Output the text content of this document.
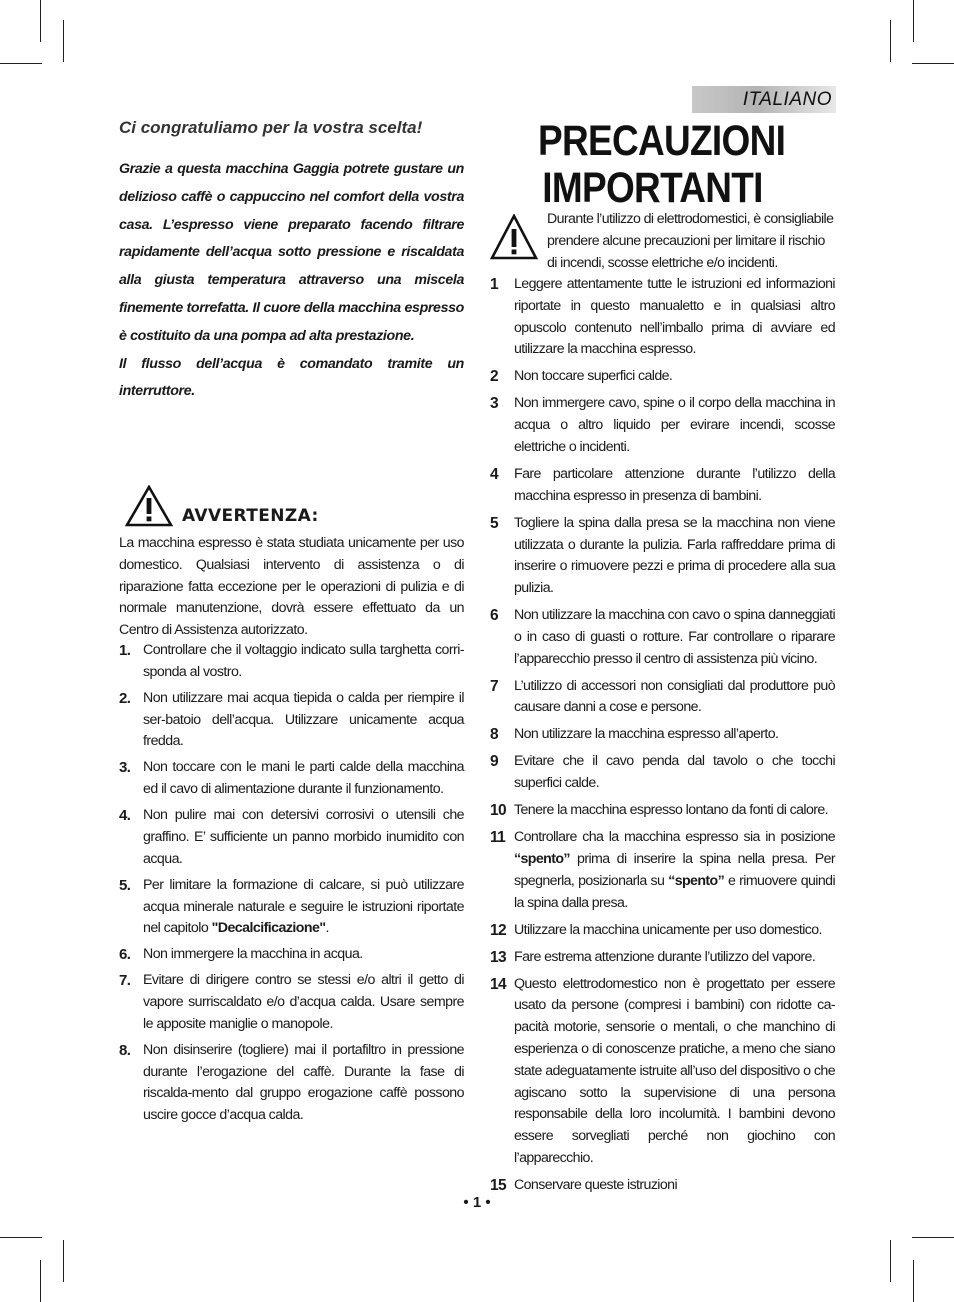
ITALIANO
Ci congratuliamo per la vostra scelta!

Grazie a questa macchina Gaggia potrete gustare un delizioso caffè o cappuccino nel comfort della vostra casa. L’espresso viene preparato facendo filtrare rapidamente dell’acqua sotto pressione e riscaldata alla giusta temperatura attraverso una miscela finemente torrefatta. Il cuore della macchina espresso è costituito da una pompa ad alta prestazione.

Il flusso dell’acqua è comandato tramite un interruttore.

AVVERTENZA:
La macchina espresso è stata studiata unicamente per uso domestico. Qualsiasi intervento di assistenza o di riparazione fatta eccezione per le operazioni di pulizia e di normale manutenzione, dovrà essere effettuato da un Centro di Assistenza autorizzato.
1. Controllare che il voltaggio indicato sulla targhetta corri-sponda al vostro.
2. Non utilizzare mai acqua tiepida o calda per riempire il ser-batoio dell’acqua. Utilizzare unicamente acqua fredda.
3. Non toccare con le mani le parti calde della macchina ed il cavo di alimentazione durante il funzionamento.
4. Non pulire mai con detersivi corrosivi o utensili che graffino. E’ sufficiente un panno morbido inumidito con acqua.
5. Per limitare la formazione di calcare, si può utilizzare acqua minerale naturale e seguire le istruzioni riportate nel capitolo "Decalcificazione".
6. Non immergere la macchina in acqua.
7. Evitare di dirigere contro se stessi e/o altri il getto di vapore surriscaldato e/o d’acqua calda. Usare sempre le apposite maniglie o manopole.
8. Non disinserire (togliere) mai il portafiltro in pressione durante l’erogazione del caffè. Durante la fase di riscalda-mento dal gruppo erogazione caffè possono uscire gocce d’acqua calda.
PRECAUZIONI
IMPORTANTI
Durante l’utilizzo di elettrodomestici, è consigliabile prendere alcune precauzioni per limitare il rischio di incendi, scosse elettriche e/o incidenti.
1	Leggere attentamente tutte le istruzioni ed informazioni riportate in questo manualetto e in qualsiasi altro opuscolo contenuto nell’imballo prima di avviare ed utilizzare la macchina espresso.
2	Non toccare superfici calde.
3	Non immergere cavo, spine o il corpo della macchina in acqua o altro liquido per evirare incendi, scosse elettriche o incidenti.
4	Fare particolare attenzione durante l’utilizzo della macchina espresso in presenza di bambini.
5	Togliere la spina dalla presa se la macchina non viene utilizzata o durante la pulizia. Farla raffreddare prima di inserire o rimuovere pezzi e prima di procedere alla sua pulizia.
6	Non utilizzare la macchina con cavo o spina danneggiati o in caso di guasti o rotture. Far controllare o riparare l’apparecchio presso il centro di assistenza più vicino.
7	L’utilizzo di accessori non consigliati dal produttore può causare danni a cose e persone.
8	Non utilizzare la macchina espresso all’aperto.
9	Evitare che il cavo penda dal tavolo o che tocchi superfici calde.
10 Tenere la macchina espresso lontano da fonti di calore.
11 Controllare cha la macchina espresso sia in posizione “spento” prima di inserire la spina nella presa. Per spegnerla, posizionarla su “spento” e rimuovere quindi la spina dalla presa.
12 Utilizzare la macchina unicamente per uso domestico.
13 Fare estrema attenzione durante l’utilizzo del vapore.
14 Questo elettrodomestico non è progettato per essere usato da persone (compresi i bambini) con ridotte ca-pacità motorie, sensorie o mentali, o che manchino di esperienza o di conoscenze pratiche, a meno che siano state adeguatamente istruite all’uso del dispositivo o che agiscano sotto la supervisione di una persona responsabile della loro incolumità. I bambini devono essere sorvegliati perché non giochino con l’apparecchio.
15 Conservare queste istruzioni
• 1 •
